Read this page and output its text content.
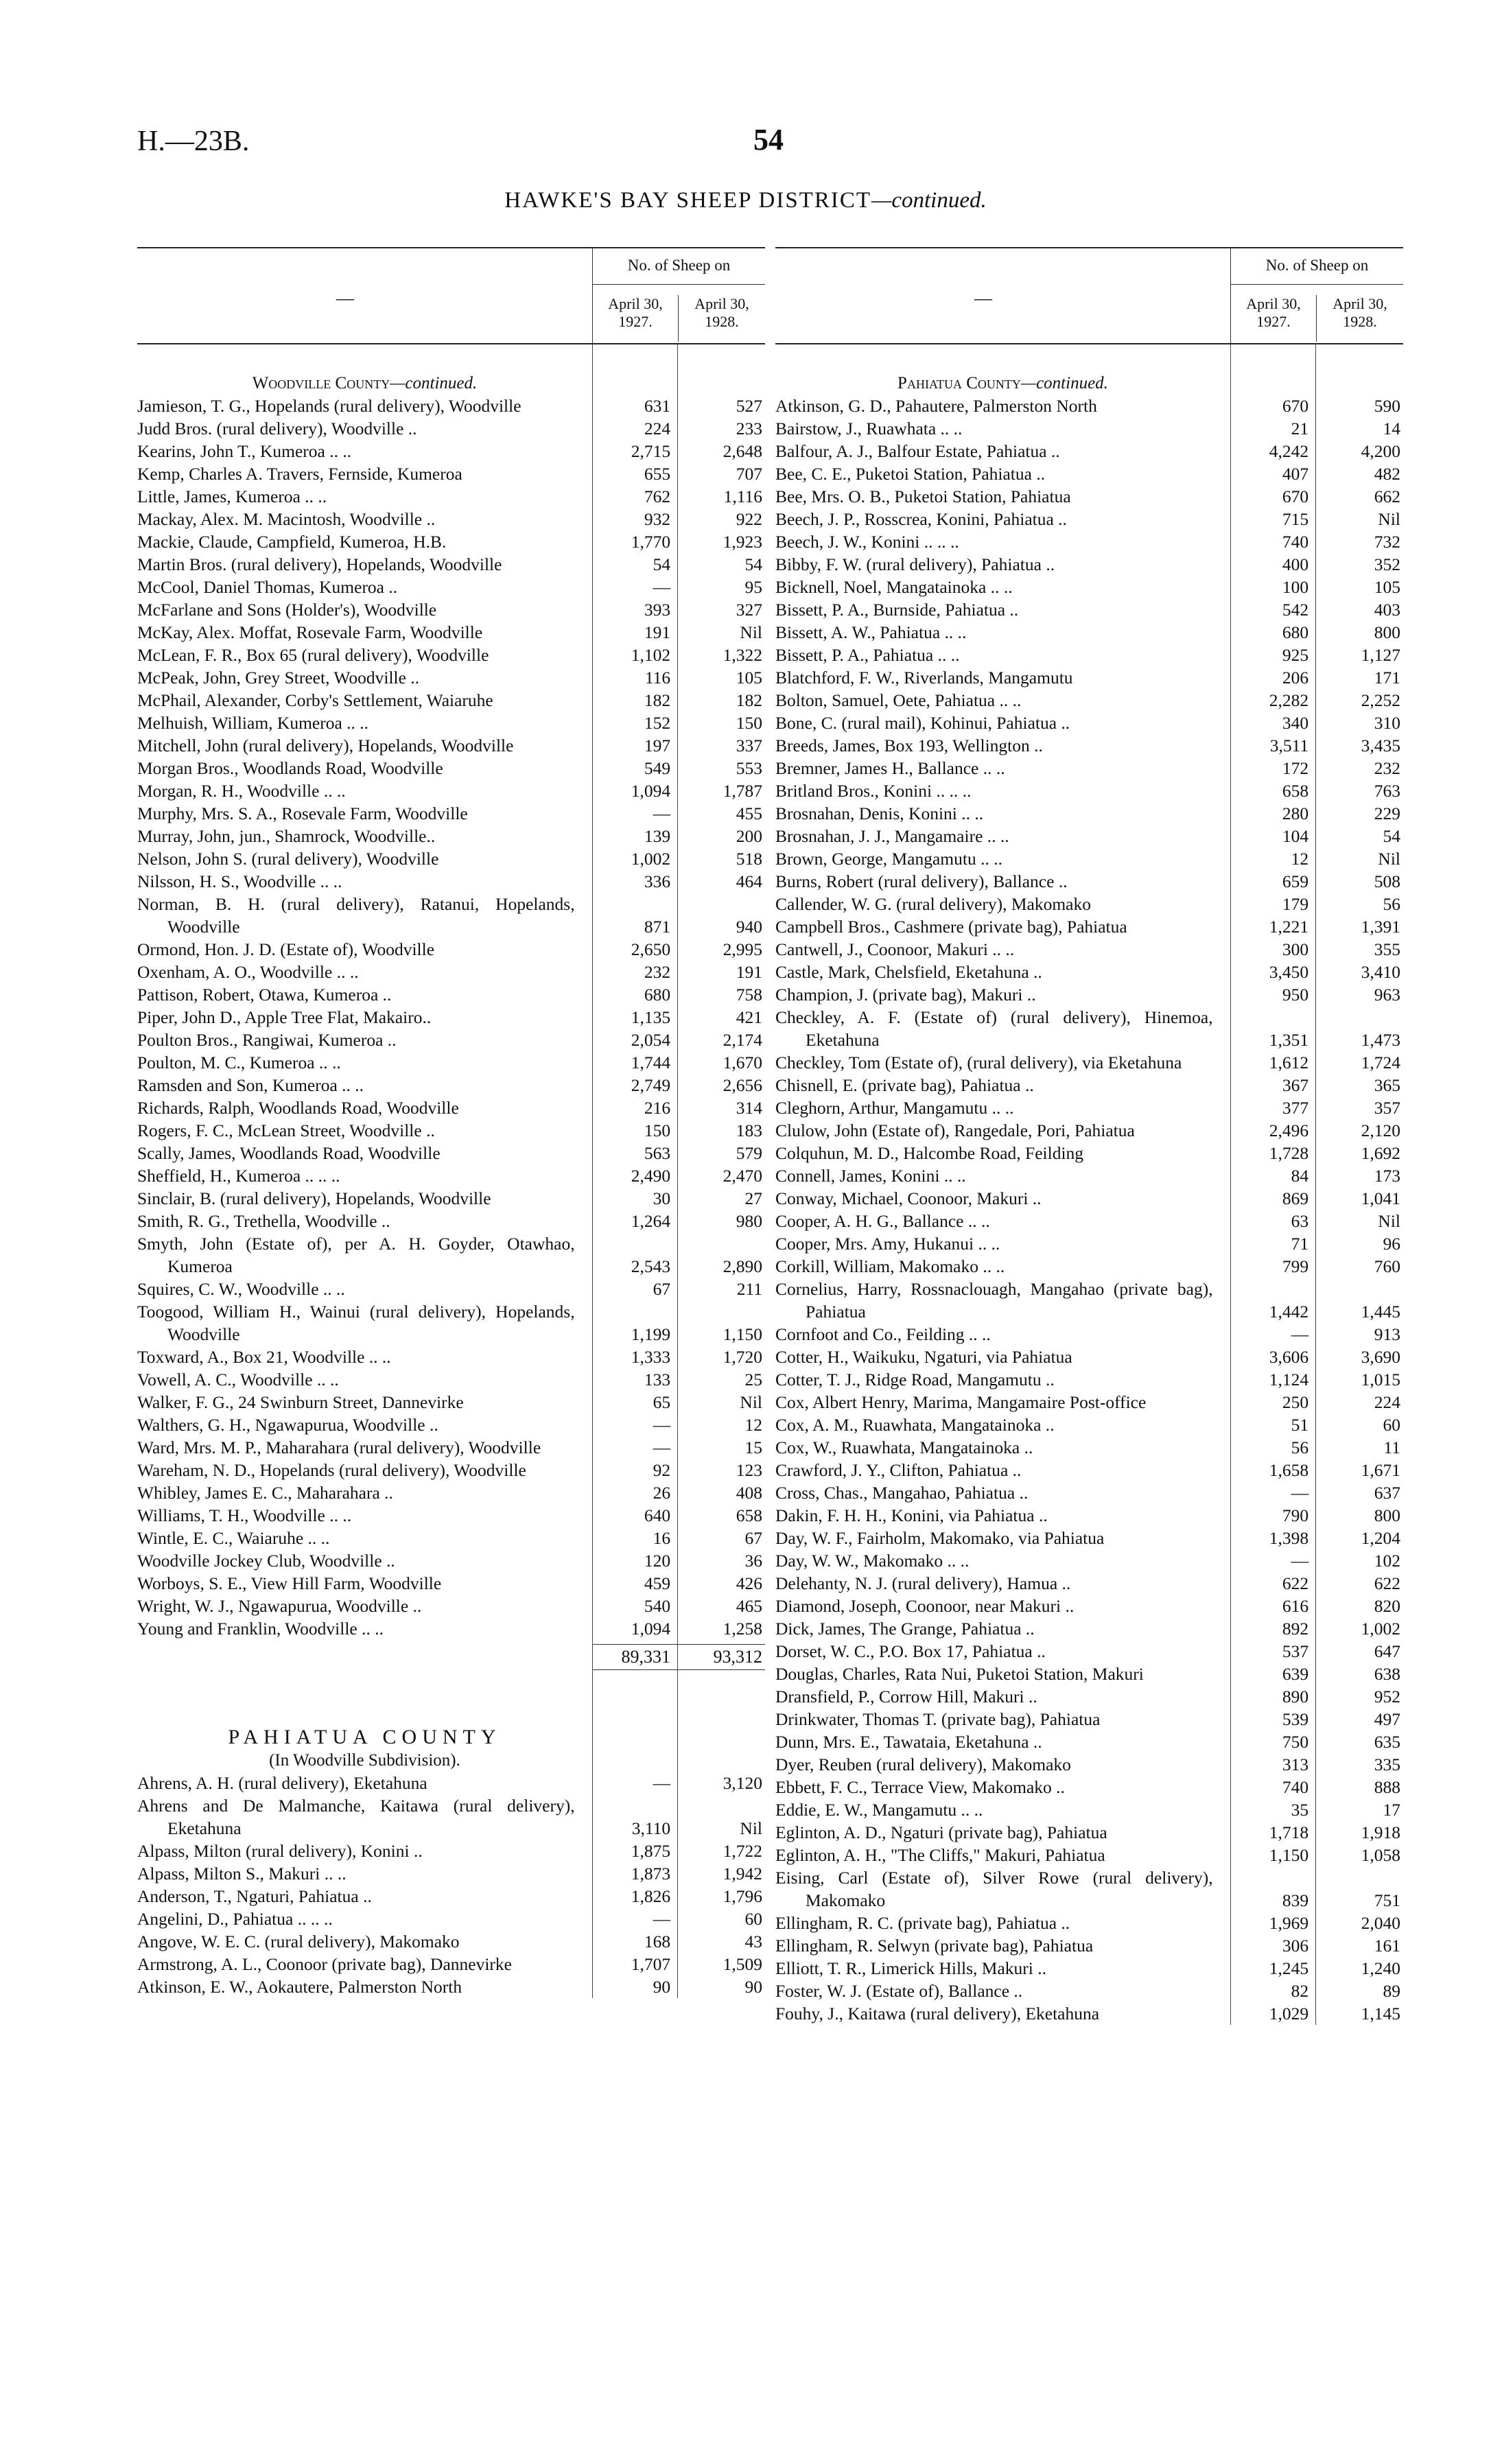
H.—23B.	54
HAWKE'S BAY SHEEP DISTRICT—continued.
—
No. of Sheep on
April 30, 1927.
April 30, 1928.
Woodville County—continued.
Jamieson, T. G., Hopelands (rural delivery), Woodville	631	527
Judd Bros. (rural delivery), Woodville ..	224	233
Kearins, John T., Kumeroa .. ..	2,715	2,648
Kemp, Charles A. Travers, Fernside, Kumeroa	655	707
Little, James, Kumeroa .. ..	762	1,116
Mackay, Alex. M. Macintosh, Woodville ..	932	922
Mackie, Claude, Campfield, Kumeroa, H.B.	1,770	1,923
Martin Bros. (rural delivery), Hopelands, Woodville	54	54
McCool, Daniel Thomas, Kumeroa ..	—	95
McFarlane and Sons (Holder's), Woodville	393	327
McKay, Alex. Moffat, Rosevale Farm, Woodville	191	Nil
McLean, F. R., Box 65 (rural delivery), Woodville	1,102	1,322
McPeak, John, Grey Street, Woodville ..	116	105
McPhail, Alexander, Corby's Settlement, Waiaruhe	182	182
Melhuish, William, Kumeroa .. ..	152	150
Mitchell, John (rural delivery), Hopelands, Woodville	197	337
Morgan Bros., Woodlands Road, Woodville	549	553
Morgan, R. H., Woodville .. ..	1,094	1,787
Murphy, Mrs. S. A., Rosevale Farm, Woodville	—	455
Murray, John, jun., Shamrock, Woodville..	139	200
Nelson, John S. (rural delivery), Woodville	1,002	518
Nilsson, H. S., Woodville .. ..	336	464
Norman, B. H. (rural delivery), Ratanui, Hopelands, Woodville	871	940
Ormond, Hon. J. D. (Estate of), Woodville	2,650	2,995
Oxenham, A. O., Woodville .. ..	232	191
Pattison, Robert, Otawa, Kumeroa ..	680	758
Piper, John D., Apple Tree Flat, Makairo..	1,135	421
Poulton Bros., Rangiwai, Kumeroa ..	2,054	2,174
Poulton, M. C., Kumeroa .. ..	1,744	1,670
Ramsden and Son, Kumeroa .. ..	2,749	2,656
Richards, Ralph, Woodlands Road, Woodville	216	314
Rogers, F. C., McLean Street, Woodville ..	150	183
Scally, James, Woodlands Road, Woodville	563	579
Sheffield, H., Kumeroa .. .. ..	2,490	2,470
Sinclair, B. (rural delivery), Hopelands, Woodville	30	27
Smith, R. G., Trethella, Woodville ..	1,264	980
Smyth, John (Estate of), per A. H. Goyder, Otawhao, Kumeroa	2,543	2,890
Squires, C. W., Woodville .. ..	67	211
Toogood, William H., Wainui (rural delivery), Hopelands, Woodville	1,199	1,150
Toxward, A., Box 21, Woodville .. ..	1,333	1,720
Vowell, A. C., Woodville .. ..	133	25
Walker, F. G., 24 Swinburn Street, Dannevirke	65	Nil
Walthers, G. H., Ngawapurua, Woodville ..	—	12
Ward, Mrs. M. P., Maharahara (rural delivery), Woodville	—	15
Wareham, N. D., Hopelands (rural delivery), Woodville	92	123
Whibley, James E. C., Maharahara ..	26	408
Williams, T. H., Woodville .. ..	640	658
Wintle, E. C., Waiaruhe .. ..	16	67
Woodville Jockey Club, Woodville ..	120	36
Worboys, S. E., View Hill Farm, Woodville	459	426
Wright, W. J., Ngawapurua, Woodville ..	540	465
Young and Franklin, Woodville .. ..	1,094	1,258
89,331	93,312
PAHIATUA COUNTY
(In Woodville Subdivision).
Ahrens, A. H. (rural delivery), Eketahuna	—	3,120
Ahrens and De Malmanche, Kaitawa (rural delivery), Eketahuna	3,110	Nil
Alpass, Milton (rural delivery), Konini ..	1,875	1,722
Alpass, Milton S., Makuri .. ..	1,873	1,942
Anderson, T., Ngaturi, Pahiatua ..	1,826	1,796
Angelini, D., Pahiatua .. .. ..	—	60
Angove, W. E. C. (rural delivery), Makomako	168	43
Armstrong, A. L., Coonoor (private bag), Dannevirke	1,707	1,509
Atkinson, E. W., Aokautere, Palmerston North	90	90
—
No. of Sheep on
April 30, 1927.
April 30, 1928.
Pahiatua County—continued.
Atkinson, G. D., Pahautere, Palmerston North	670	590
Bairstow, J., Ruawhata .. ..	21	14
Balfour, A. J., Balfour Estate, Pahiatua ..	4,242	4,200
Bee, C. E., Puketoi Station, Pahiatua ..	407	482
Bee, Mrs. O. B., Puketoi Station, Pahiatua	670	662
Beech, J. P., Rosscrea, Konini, Pahiatua ..	715	Nil
Beech, J. W., Konini .. .. ..	740	732
Bibby, F. W. (rural delivery), Pahiatua ..	400	352
Bicknell, Noel, Mangatainoka .. ..	100	105
Bissett, P. A., Burnside, Pahiatua ..	542	403
Bissett, A. W., Pahiatua .. ..	680	800
Bissett, P. A., Pahiatua .. ..	925	1,127
Blatchford, F. W., Riverlands, Mangamutu	206	171
Bolton, Samuel, Oete, Pahiatua .. ..	2,282	2,252
Bone, C. (rural mail), Kohinui, Pahiatua ..	340	310
Breeds, James, Box 193, Wellington ..	3,511	3,435
Bremner, James H., Ballance .. ..	172	232
Britland Bros., Konini .. .. ..	658	763
Brosnahan, Denis, Konini .. ..	280	229
Brosnahan, J. J., Mangamaire .. ..	104	54
Brown, George, Mangamutu .. ..	12	Nil
Burns, Robert (rural delivery), Ballance ..	659	508
Callender, W. G. (rural delivery), Makomako	179	56
Campbell Bros., Cashmere (private bag), Pahiatua	1,221	1,391
Cantwell, J., Coonoor, Makuri .. ..	300	355
Castle, Mark, Chelsfield, Eketahuna ..	3,450	3,410
Champion, J. (private bag), Makuri ..	950	963
Checkley, A. F. (Estate of) (rural delivery), Hinemoa, Eketahuna	1,351	1,473
Checkley, Tom (Estate of), (rural delivery), via Eketahuna	1,612	1,724
Chisnell, E. (private bag), Pahiatua ..	367	365
Cleghorn, Arthur, Mangamutu .. ..	377	357
Clulow, John (Estate of), Rangedale, Pori, Pahiatua	2,496	2,120
Colquhun, M. D., Halcombe Road, Feilding	1,728	1,692
Connell, James, Konini .. ..	84	173
Conway, Michael, Coonoor, Makuri ..	869	1,041
Cooper, A. H. G., Ballance .. ..	63	Nil
Cooper, Mrs. Amy, Hukanui .. ..	71	96
Corkill, William, Makomako .. ..	799	760
Cornelius, Harry, Rossnaclouagh, Mangahao (private bag), Pahiatua	1,442	1,445
Cornfoot and Co., Feilding .. ..	—	913
Cotter, H., Waikuku, Ngaturi, via Pahiatua	3,606	3,690
Cotter, T. J., Ridge Road, Mangamutu ..	1,124	1,015
Cox, Albert Henry, Marima, Mangamaire Post-office	250	224
Cox, A. M., Ruawhata, Mangatainoka ..	51	60
Cox, W., Ruawhata, Mangatainoka ..	56	11
Crawford, J. Y., Clifton, Pahiatua ..	1,658	1,671
Cross, Chas., Mangahao, Pahiatua ..	—	637
Dakin, F. H. H., Konini, via Pahiatua ..	790	800
Day, W. F., Fairholm, Makomako, via Pahiatua	1,398	1,204
Day, W. W., Makomako .. ..	—	102
Delehanty, N. J. (rural delivery), Hamua ..	622	622
Diamond, Joseph, Coonoor, near Makuri ..	616	820
Dick, James, The Grange, Pahiatua ..	892	1,002
Dorset, W. C., P.O. Box 17, Pahiatua ..	537	647
Douglas, Charles, Rata Nui, Puketoi Station, Makuri	639	638
Dransfield, P., Corrow Hill, Makuri ..	890	952
Drinkwater, Thomas T. (private bag), Pahiatua	539	497
Dunn, Mrs. E., Tawataia, Eketahuna ..	750	635
Dyer, Reuben (rural delivery), Makomako	313	335
Ebbett, F. C., Terrace View, Makomako ..	740	888
Eddie, E. W., Mangamutu .. ..	35	17
Eglinton, A. D., Ngaturi (private bag), Pahiatua	1,718	1,918
Eglinton, A. H., "The Cliffs," Makuri, Pahiatua	1,150	1,058
Eising, Carl (Estate of), Silver Rowe (rural delivery), Makomako	839	751
Ellingham, R. C. (private bag), Pahiatua ..	1,969	2,040
Ellingham, R. Selwyn (private bag), Pahiatua	306	161
Elliott, T. R., Limerick Hills, Makuri ..	1,245	1,240
Foster, W. J. (Estate of), Ballance ..	82	89
Fouhy, J., Kaitawa (rural delivery), Eketahuna	1,029	1,145
